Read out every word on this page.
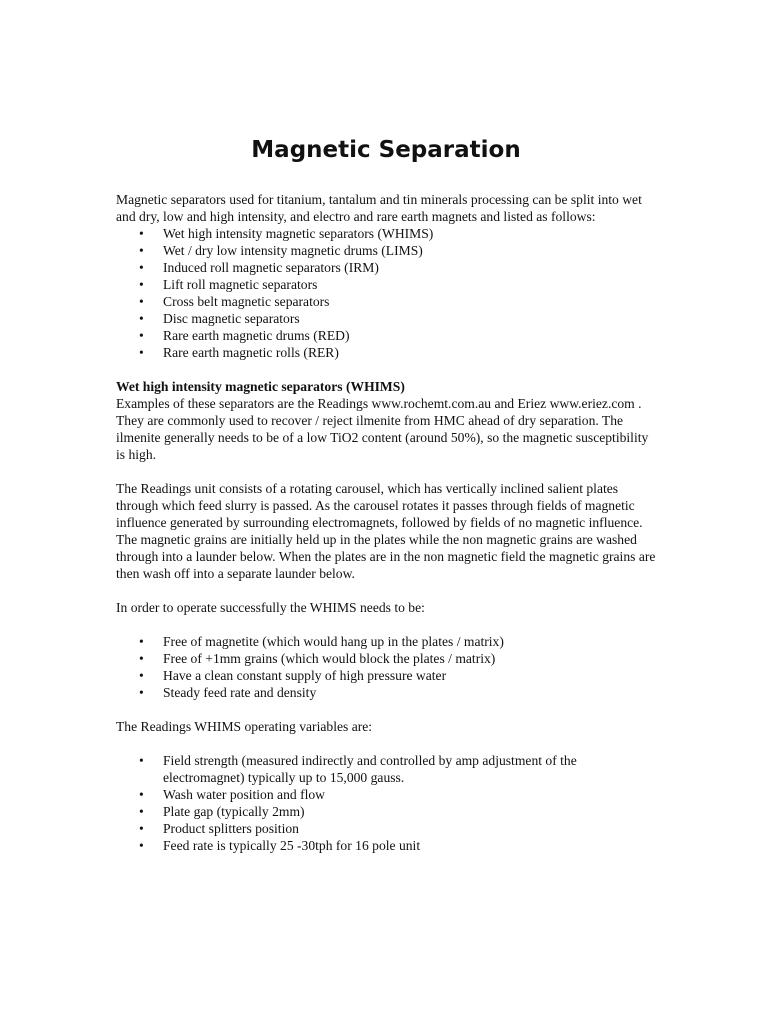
Magnetic Separation

Magnetic separators used for titanium, tantalum and tin minerals processing can be split into wet and dry, low and high intensity, and electro and rare earth magnets and listed as follows:

• Wet high intensity magnetic separators (WHIMS)
• Wet / dry low intensity magnetic drums (LIMS)
• Induced roll magnetic separators (IRM)
• Lift roll magnetic separators
• Cross belt magnetic separators
• Disc magnetic separators
• Rare earth magnetic drums (RED)
• Rare earth magnetic rolls (RER)

Wet high intensity magnetic separators (WHIMS)

Examples of these separators are the Readings www.rochemt.com.au and Eriez www.eriez.com . They are commonly used to recover / reject ilmenite from HMC ahead of dry separation. The ilmenite generally needs to be of a low TiO2 content (around 50%), so the magnetic susceptibility is high.

The Readings unit consists of a rotating carousel, which has vertically inclined salient plates through which feed slurry is passed. As the carousel rotates it passes through fields of magnetic influence generated by surrounding electromagnets, followed by fields of no magnetic influence. The magnetic grains are initially held up in the plates while the non magnetic grains are washed through into a launder below. When the plates are in the non magnetic field the magnetic grains are then wash off into a separate launder below.

In order to operate successfully the WHIMS needs to be:

• Free of magnetite (which would hang up in the plates / matrix)
• Free of +1mm grains (which would block the plates / matrix)
• Have a clean constant supply of high pressure water
• Steady feed rate and density

The Readings WHIMS operating variables are:

• Field strength (measured indirectly and controlled by amp adjustment of the electromagnet) typically up to 15,000 gauss.
• Wash water position and flow
• Plate gap (typically 2mm)
• Product splitters position
• Feed rate is typically 25 -30tph for 16 pole unit
